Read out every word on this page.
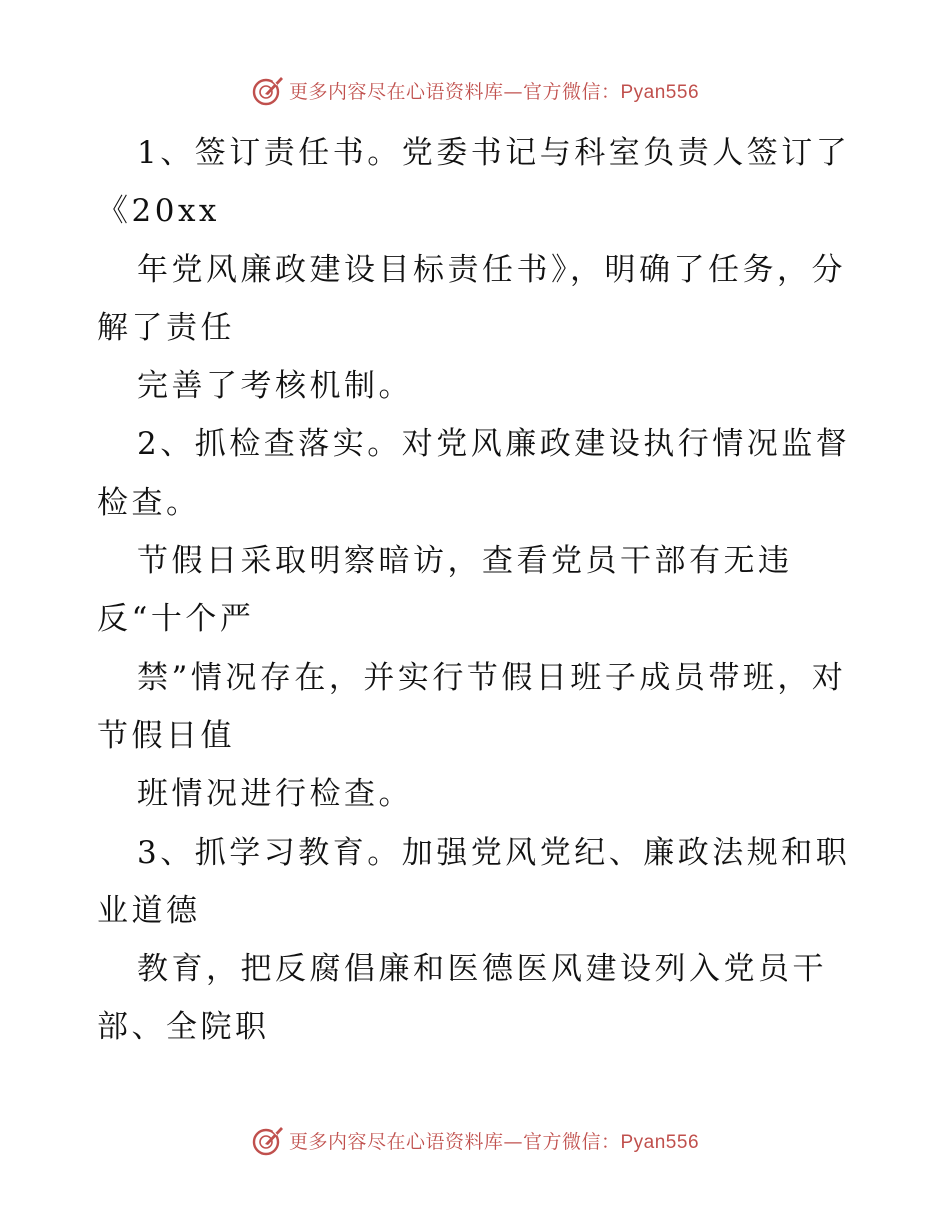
更多内容尽在心语资料库—官方微信：Pyan556
1、签订责任书。党委书记与科室负责人签订了
《20xx
年党风廉政建设目标责任书》，明确了任务，分
解了责任
完善了考核机制。
2、抓检查落实。对党风廉政建设执行情况监督
检查。
节假日采取明察暗访，查看党员干部有无违
反“十个严
禁”情况存在，并实行节假日班子成员带班，对
节假日值
班情况进行检查。
3、抓学习教育。加强党风党纪、廉政法规和职
业道德
教育，把反腐倡廉和医德医风建设列入党员干
部、全院职
更多内容尽在心语资料库—官方微信：Pyan556
